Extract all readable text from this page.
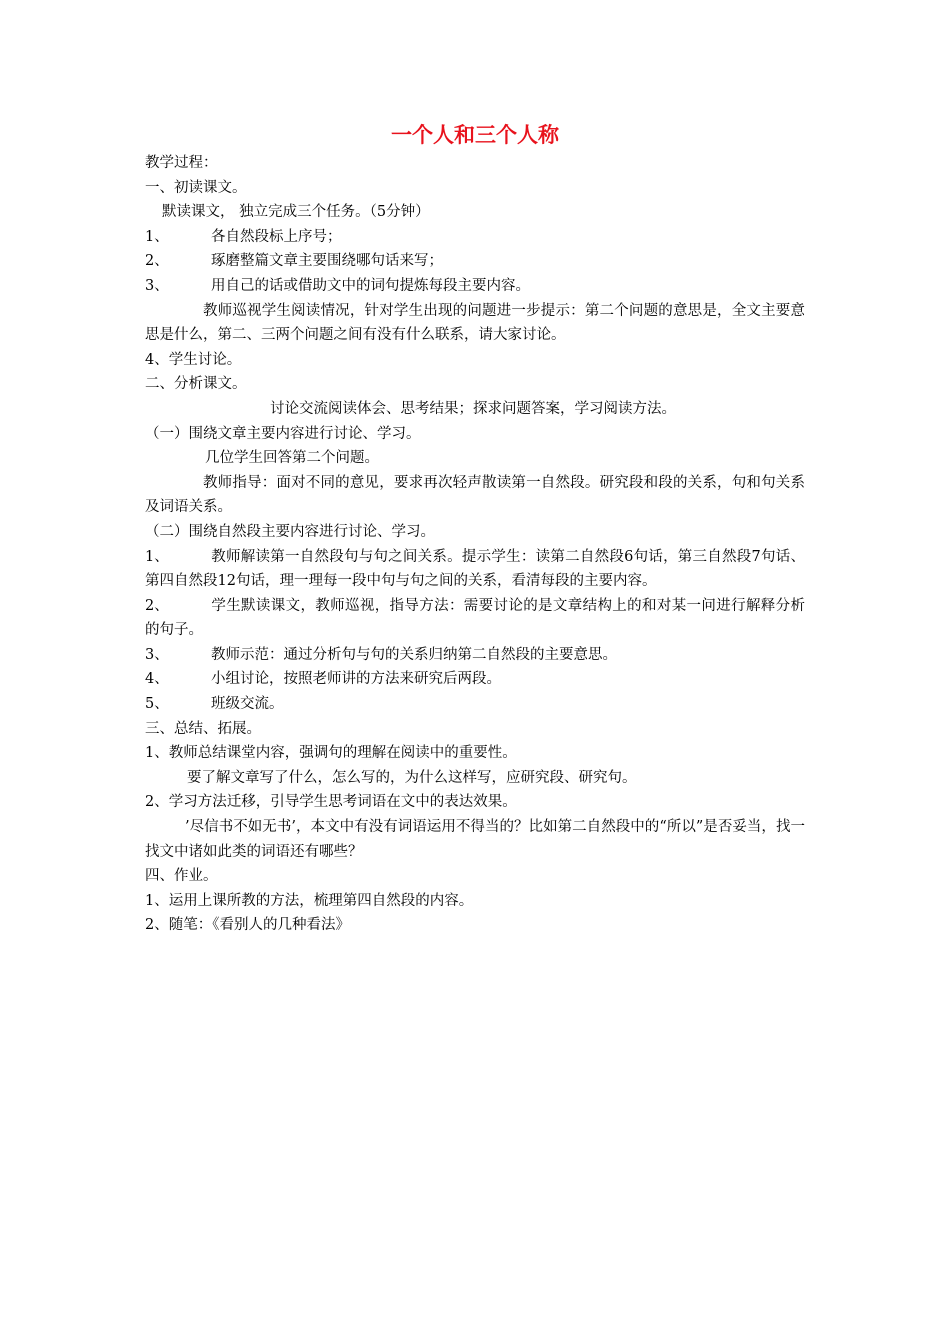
一个人和三个人称
教学过程：
一、初读课文。
默读课文， 独立完成三个任务。（5分钟）
1、	各自然段标上序号；
2、	琢磨整篇文章主要围绕哪句话来写；
3、	用自己的话或借助文中的词句提炼每段主要内容。
教师巡视学生阅读情况，针对学生出现的问题进一步提示：第二个问题的意思是，全文主要意思是什么，第二、三两个问题之间有没有什么联系，请大家讨论。
4、学生讨论。
二、分析课文。
讨论交流阅读体会、思考结果；探求问题答案，学习阅读方法。
（一）围绕文章主要内容进行讨论、学习。
几位学生回答第二个问题。
教师指导：面对不同的意见，要求再次轻声散读第一自然段。研究段和段的关系，句和句关系及词语关系。
（二）围绕自然段主要内容进行讨论、学习。
1、	教师解读第一自然段句与句之间关系。提示学生：读第二自然段6句话，第三自然段7句话、第四自然段12句话，理一理每一段中句与句之间的关系，看清每段的主要内容。
2、	学生默读课文，教师巡视，指导方法：需要讨论的是文章结构上的和对某一问进行解释分析的句子。
3、	教师示范：通过分析句与句的关系归纳第二自然段的主要意思。
4、	小组讨论，按照老师讲的方法来研究后两段。
5、	班级交流。
三、总结、拓展。
1、教师总结课堂内容，强调句的理解在阅读中的重要性。
要了解文章写了什么，怎么写的，为什么这样写，应研究段、研究句。
2、学习方法迁移，引导学生思考词语在文中的表达效果。
’尽信书不如无书’，本文中有没有词语运用不得当的？比如第二自然段中的“所以”是否妥当，找一找文中诸如此类的词语还有哪些？
四、作业。
1、运用上课所教的方法，梳理第四自然段的内容。
2、随笔：《看别人的几种看法》
